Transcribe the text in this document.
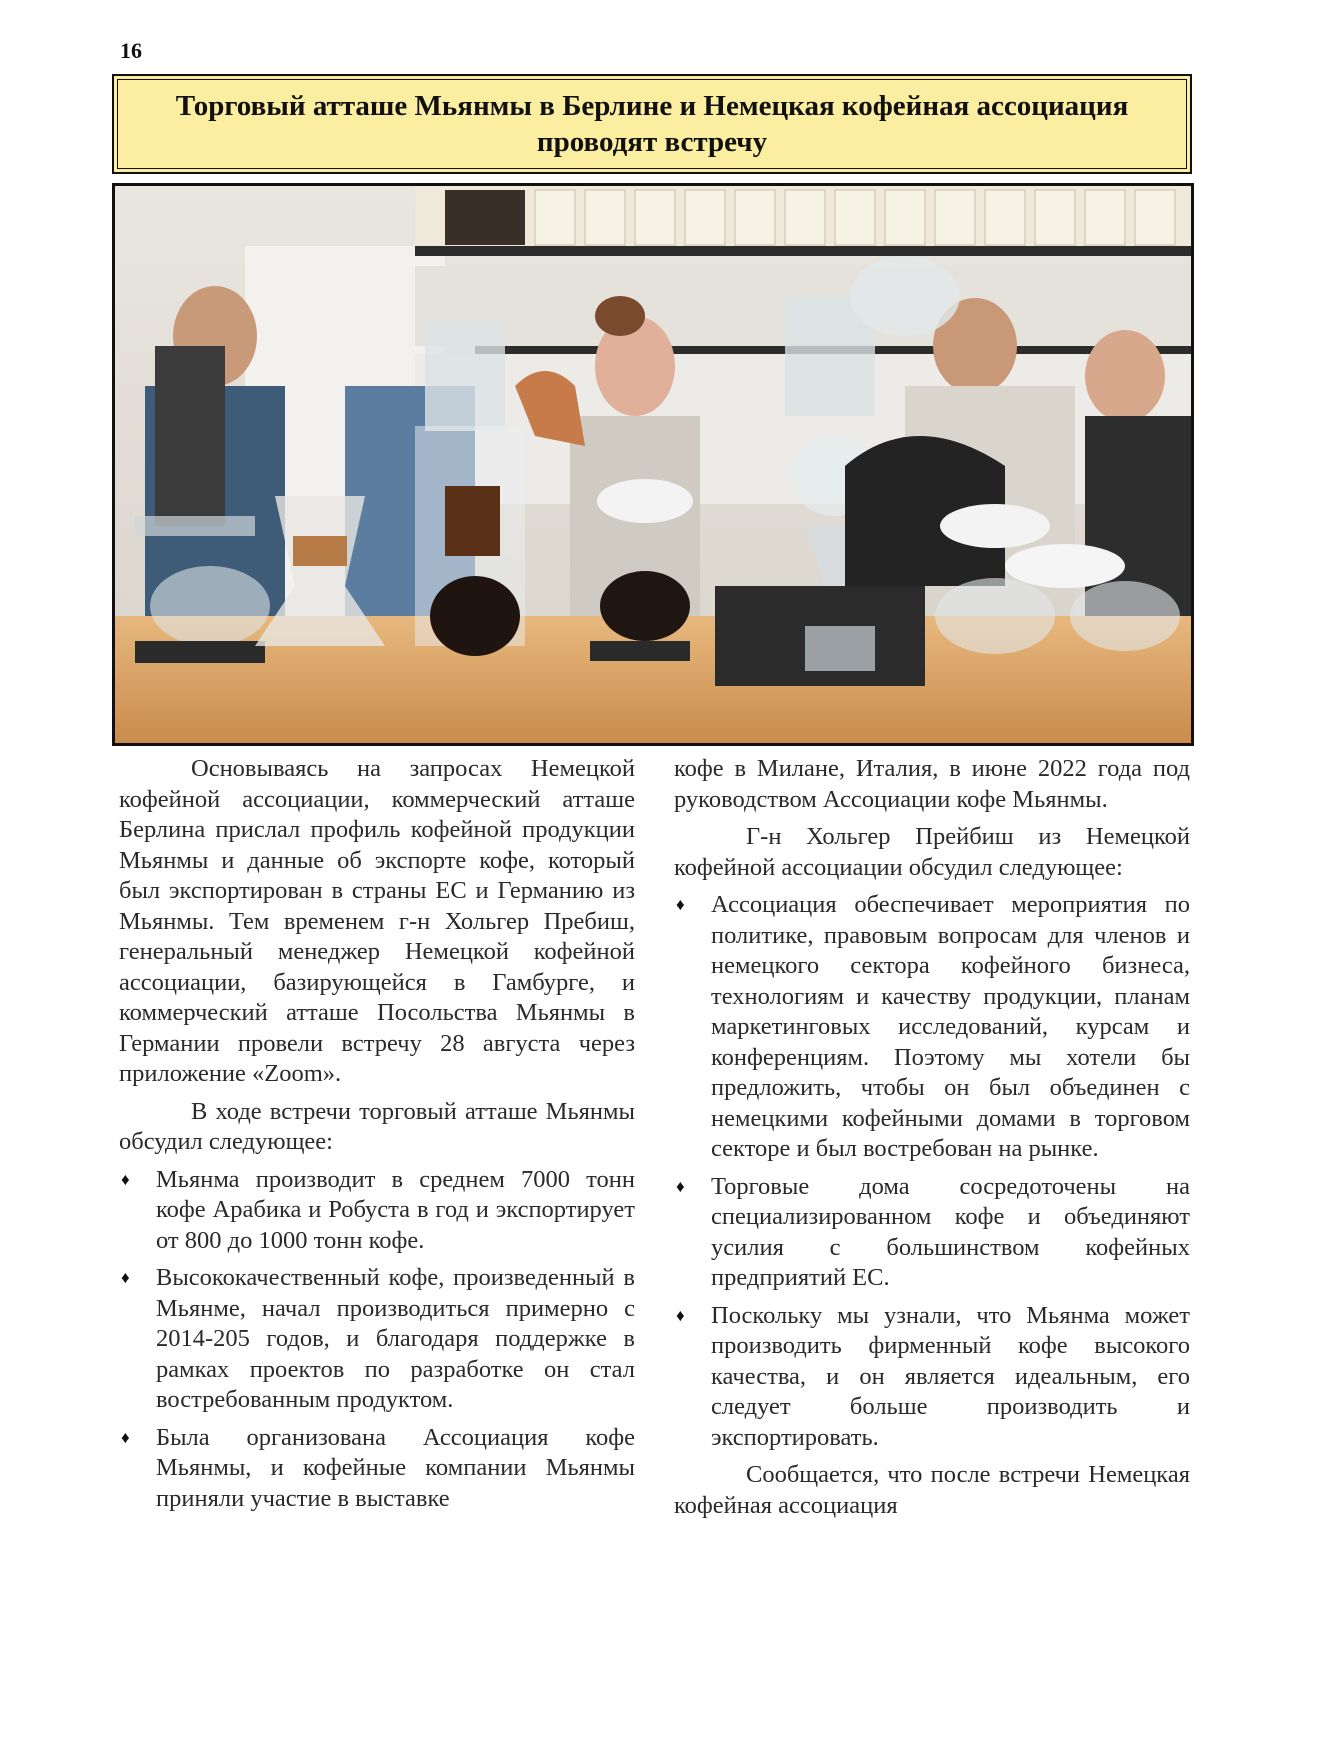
16
Торговый атташе Мьянмы в Берлине и Немецкая кофейная ассоциация проводят встречу

Основываясь на запросах Немецкой кофейной ассоциации, коммерческий атташе Берлина прислал профиль кофейной продукции Мьянмы и данные об экспорте кофе, который был экспортирован в страны ЕС и Германию из Мьянмы. Тем временем г-н Хольгер Пребиш, генеральный менеджер Немецкой кофейной ассоциации, базирующейся в Гамбурге, и коммерческий атташе Посольства Мьянмы в Германии провели встречу 28 августа через приложение «Zoom».

В ходе встречи торговый атташе Мьянмы обсудил следующее:

♦ Мьянма производит в среднем 7000 тонн кофе Арабика и Робуста в год и экспортирует от 800 до 1000 тонн кофе.
♦ Высококачественный кофе, произведенный в Мьянме, начал производиться примерно с 2014-205 годов, и благодаря поддержке в рамках проектов по разработке он стал востребованным продуктом.
♦ Была организована Ассоциация кофе Мьянмы, и кофейные компании Мьянмы приняли участие в выставке

кофе в Милане, Италия, в июне 2022 года под руководством Ассоциации кофе Мьянмы.

Г-н Хольгер Прейбиш из Немецкой кофейной ассоциации обсудил следующее:

♦ Ассоциация обеспечивает мероприятия по политике, правовым вопросам для членов и немецкого сектора кофейного бизнеса, технологиям и качеству продукции, планам маркетинговых исследований, курсам и конференциям. Поэтому мы хотели бы предложить, чтобы он был объединен с немецкими кофейными домами в торговом секторе и был востребован на рынке.
♦ Торговые дома сосредоточены на специализированном кофе и объединяют усилия с большинством кофейных предприятий ЕС.
♦ Поскольку мы узнали, что Мьянма может производить фирменный кофе высокого качества, и он является идеальным, его следует больше производить и экспортировать.

Сообщается, что после встречи Немецкая кофейная ассоциация
